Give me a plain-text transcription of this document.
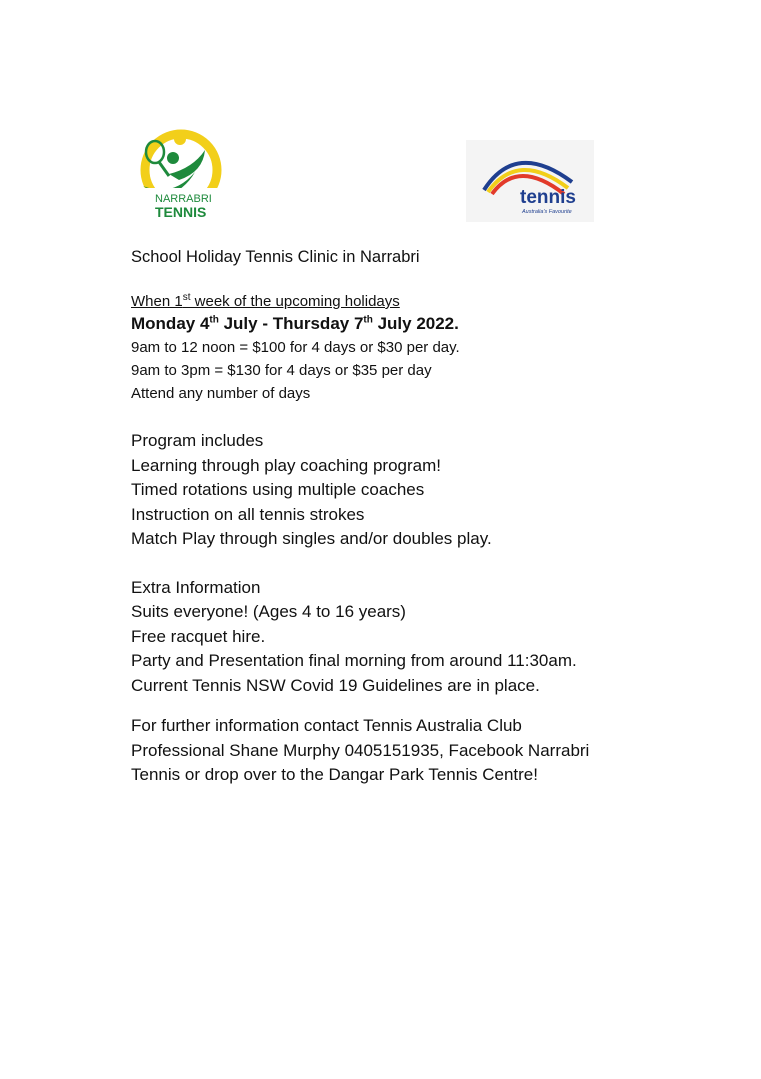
NARRABRI
TENNIS
tennis
Australia's Favourite
School Holiday Tennis Clinic in Narrabri
When 1st week of the upcoming holidays
Monday 4th July - Thursday 7th July 2022.
9am to 12 noon = $100 for 4 days or $30 per day.
9am to 3pm = $130 for 4 days or $35 per day
Attend any number of days
Program includes
Learning through play coaching program!
Timed rotations using multiple coaches
Instruction on all tennis strokes
Match Play through singles and/or doubles play.
Extra Information
Suits everyone! (Ages 4 to 16 years)
Free racquet hire.
Party and Presentation final morning from around 11:30am.
Current Tennis NSW Covid 19 Guidelines are in place.
For further information contact Tennis Australia Club
Professional Shane Murphy 0405151935, Facebook Narrabri
Tennis or drop over to the Dangar Park Tennis Centre!
